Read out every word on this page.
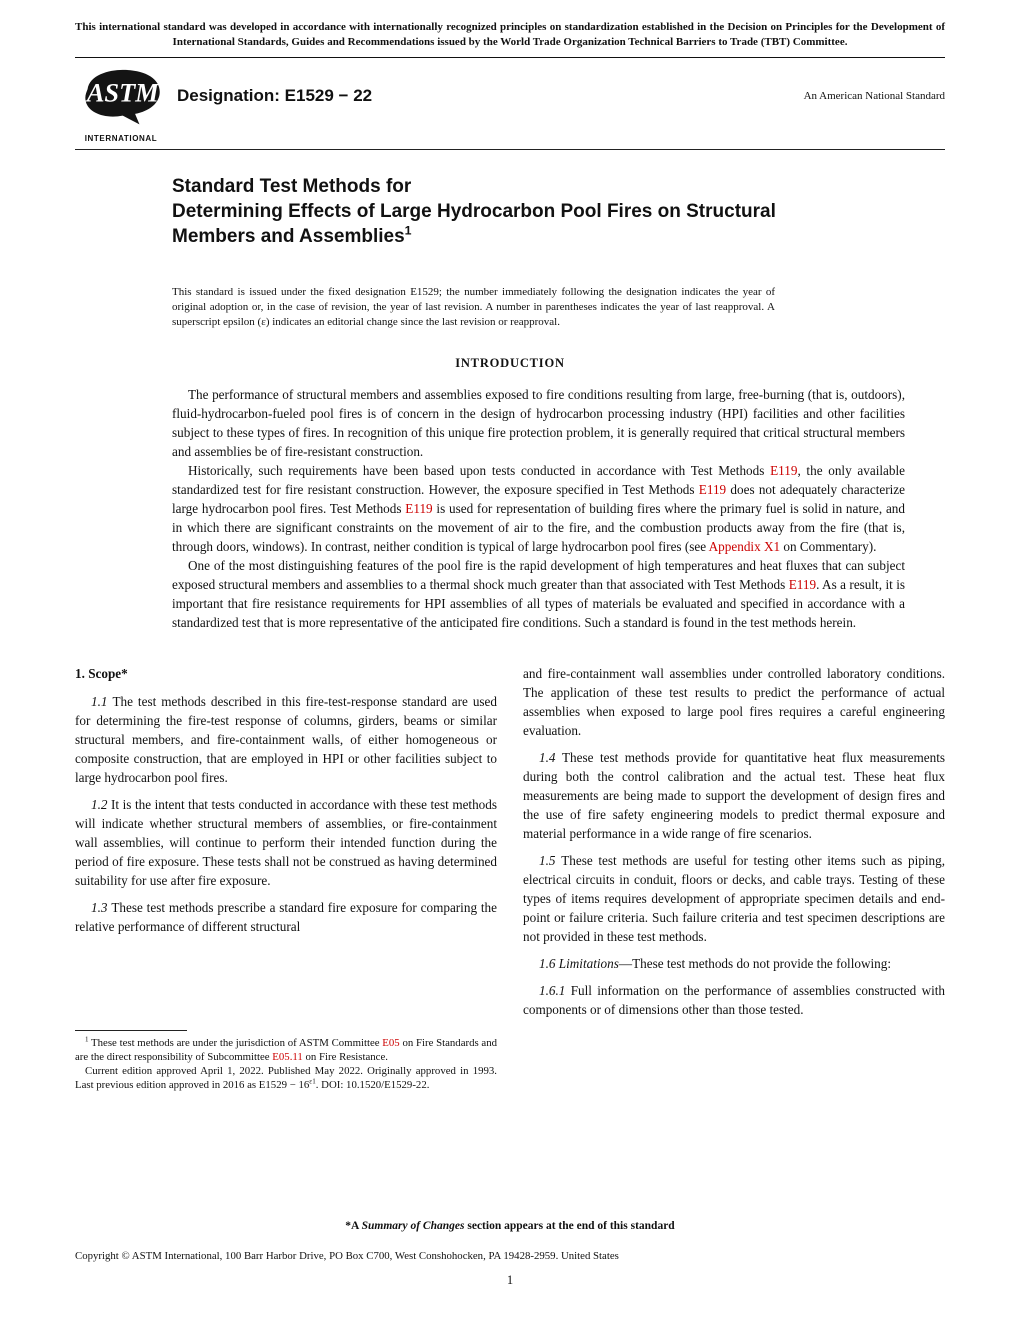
This international standard was developed in accordance with internationally recognized principles on standardization established in the Decision on Principles for the Development of International Standards, Guides and Recommendations issued by the World Trade Organization Technical Barriers to Trade (TBT) Committee.
ASTM
INTERNATIONAL
Designation: E1529 − 22	An American National Standard
Standard Test Methods for
Determining Effects of Large Hydrocarbon Pool Fires on Structural Members and Assemblies$^1$
This standard is issued under the fixed designation E1529; the number immediately following the designation indicates the year of original adoption or, in the case of revision, the year of last revision. A number in parentheses indicates the year of last reapproval. A superscript epsilon (ε) indicates an editorial change since the last revision or reapproval.
INTRODUCTION

The performance of structural members and assemblies exposed to fire conditions resulting from large, free-burning (that is, outdoors), fluid-hydrocarbon-fueled pool fires is of concern in the design of hydrocarbon processing industry (HPI) facilities and other facilities subject to these types of fires. In recognition of this unique fire protection problem, it is generally required that critical structural members and assemblies be of fire-resistant construction.

Historically, such requirements have been based upon tests conducted in accordance with Test Methods E119, the only available standardized test for fire resistant construction. However, the exposure specified in Test Methods E119 does not adequately characterize large hydrocarbon pool fires. Test Methods E119 is used for representation of building fires where the primary fuel is solid in nature, and in which there are significant constraints on the movement of air to the fire, and the combustion products away from the fire (that is, through doors, windows). In contrast, neither condition is typical of large hydrocarbon pool fires (see Appendix X1 on Commentary).

One of the most distinguishing features of the pool fire is the rapid development of high temperatures and heat fluxes that can subject exposed structural members and assemblies to a thermal shock much greater than that associated with Test Methods E119. As a result, it is important that fire resistance requirements for HPI assemblies of all types of materials be evaluated and specified in accordance with a standardized test that is more representative of the anticipated fire conditions. Such a standard is found in the test methods herein.

1. Scope*

1.1 The test methods described in this fire-test-response standard are used for determining the fire-test response of columns, girders, beams or similar structural members, and fire-containment walls, of either homogeneous or composite construction, that are employed in HPI or other facilities subject to large hydrocarbon pool fires.

1.2 It is the intent that tests conducted in accordance with these test methods will indicate whether structural members of assemblies, or fire-containment wall assemblies, will continue to perform their intended function during the period of fire exposure. These tests shall not be construed as having determined suitability for use after fire exposure.

1.3 These test methods prescribe a standard fire exposure for comparing the relative performance of different structural

$^1$ These test methods are under the jurisdiction of ASTM Committee E05 on Fire Standards and are the direct responsibility of Subcommittee E05.11 on Fire Resistance.

Current edition approved April 1, 2022. Published May 2022. Originally approved in 1993. Last previous edition approved in 2016 as $E1529 - 16^{\varepsilon 1}$. DOI: 10.1520/E1529-22.

and fire-containment wall assemblies under controlled laboratory conditions. The application of these test results to predict the performance of actual assemblies when exposed to large pool fires requires a careful engineering evaluation.

1.4 These test methods provide for quantitative heat flux measurements during both the control calibration and the actual test. These heat flux measurements are being made to support the development of design fires and the use of fire safety engineering models to predict thermal exposure and material performance in a wide range of fire scenarios.

1.5 These test methods are useful for testing other items such as piping, electrical circuits in conduit, floors or decks, and cable trays. Testing of these types of items requires development of appropriate specimen details and end-point or failure criteria. Such failure criteria and test specimen descriptions are not provided in these test methods.

1.6 Limitations—These test methods do not provide the following:

1.6.1 Full information on the performance of assemblies constructed with components or of dimensions other than those tested.

*A Summary of Changes section appears at the end of this standard
Copyright © ASTM International, 100 Barr Harbor Drive, PO Box C700, West Conshohocken, PA 19428-2959. United States
1
